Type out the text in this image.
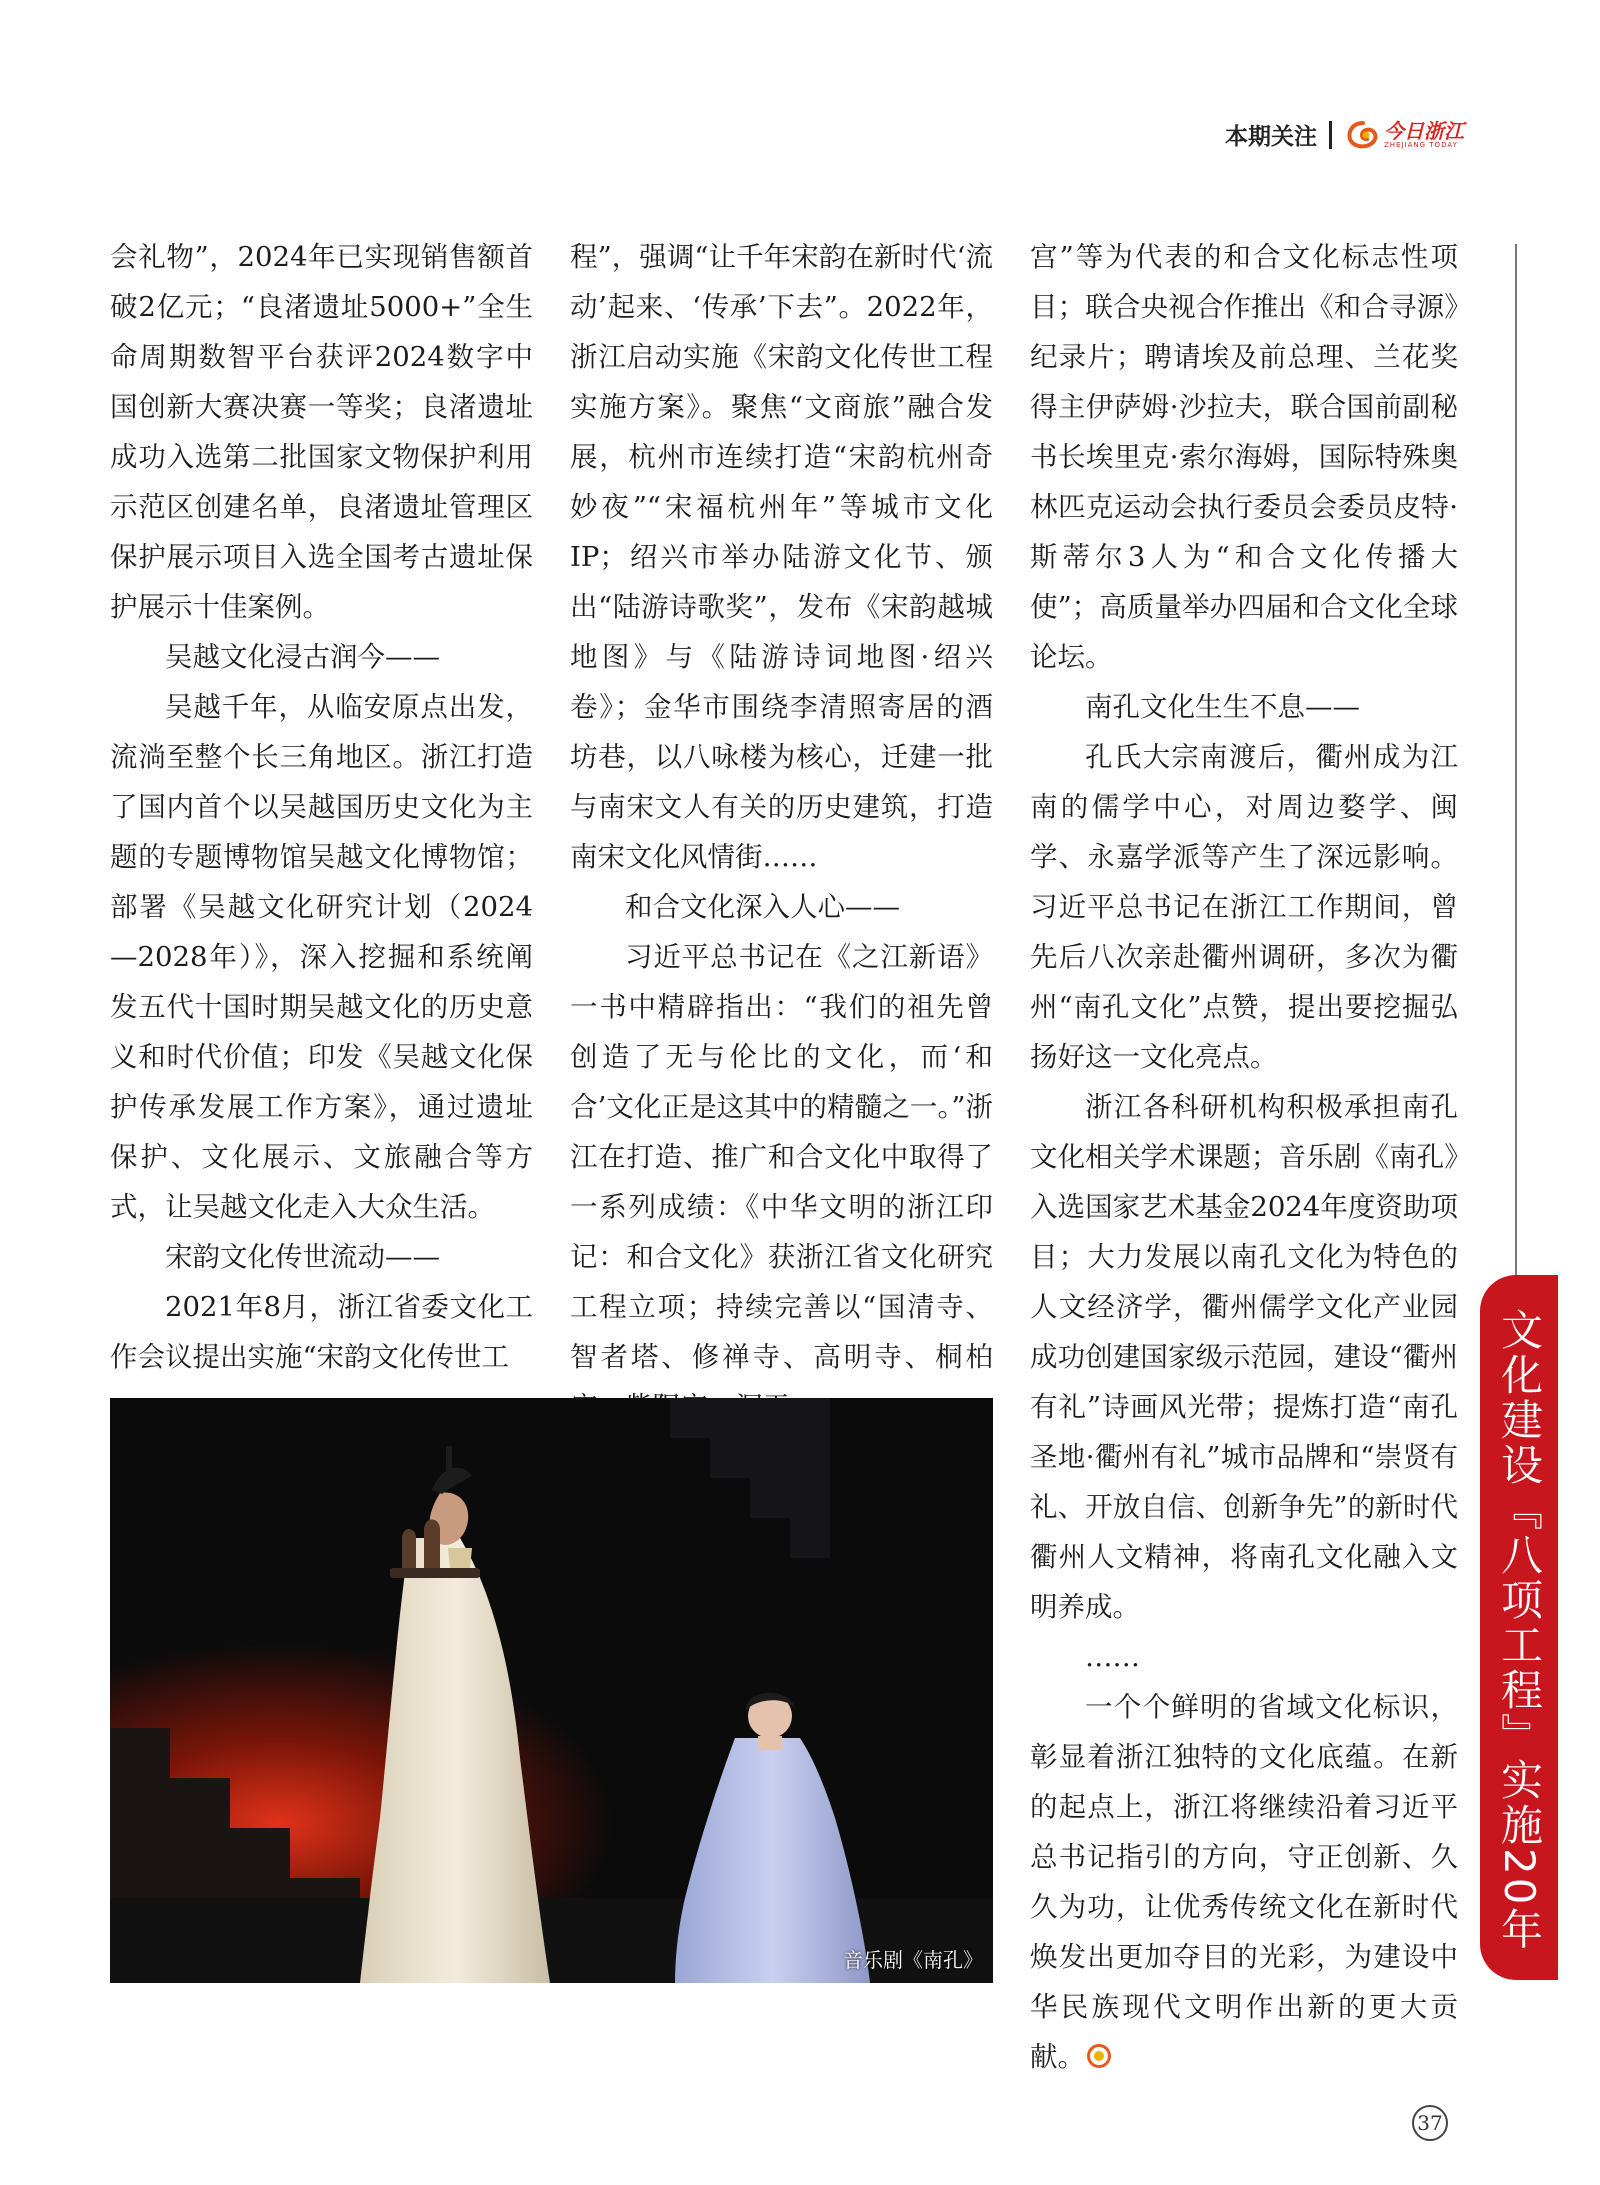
本期关注	今日浙江
ZHEJIANG TODAY

会礼物”，2024年已实现销售额首破2亿元；“良渚遗址5000+”全生命周期数智平台获评2024数字中国创新大赛决赛一等奖；良渚遗址成功入选第二批国家文物保护利用示范区创建名单，良渚遗址管理区保护展示项目入选全国考古遗址保护展示十佳案例。

吴越文化浸古润今——

吴越千年，从临安原点出发，流淌至整个长三角地区。浙江打造了国内首个以吴越国历史文化为主题的专题博物馆吴越文化博物馆；部署《吴越文化研究计划（2024—2028年）》，深入挖掘和系统阐发五代十国时期吴越文化的历史意义和时代价值；印发《吴越文化保护传承发展工作方案》，通过遗址保护、文化展示、文旅融合等方式，让吴越文化走入大众生活。

宋韵文化传世流动——

2021年8月，浙江省委文化工作会议提出实施“宋韵文化传世工

程”，强调“让千年宋韵在新时代‘流动’起来、‘传承’下去”。2022年，浙江启动实施《宋韵文化传世工程实施方案》。聚焦“文商旅”融合发展，杭州市连续打造“宋韵杭州奇妙夜”“宋福杭州年”等城市文化IP；绍兴市举办陆游文化节、颁出“陆游诗歌奖”，发布《宋韵越城地图》与《陆游诗词地图·绍兴卷》；金华市围绕李清照寄居的酒坊巷，以八咏楼为核心，迁建一批与南宋文人有关的历史建筑，打造南宋文化风情街……

和合文化深入人心——

习近平总书记在《之江新语》一书中精辟指出：“我们的祖先曾创造了无与伦比的文化，而‘和合’文化正是这其中的精髓之一。”浙江在打造、推广和合文化中取得了一系列成绩：《中华文明的浙江印记：和合文化》获浙江省文化研究工程立项；持续完善以“国清寺、智者塔、修禅寺、高明寺、桐柏

宫”等为代表的和合文化标志性项目；联合央视合作推出《和合寻源》纪录片；聘请埃及前总理、兰花奖得主伊萨姆·沙拉夫，联合国前副秘书长埃里克·索尔海姆，国际特殊奥林匹克运动会执行委员会委员皮特·斯蒂尔3人为“和合文化传播大使”；高质量举办四届和合文化全球论坛。

南孔文化生生不息——

孔氏大宗南渡后，衢州成为江南的儒学中心，对周边婺学、闽学、永嘉学派等产生了深远影响。习近平总书记在浙江工作期间，曾先后八次亲赴衢州调研，多次为衢州“南孔文化”点赞，提出要挖掘弘扬好这一文化亮点。

浙江各科研机构积极承担南孔文化相关学术课题；音乐剧《南孔》入选国家艺术基金2024年度资助项目；大力发展以南孔文化为特色的人文经济学，衢州儒学文化产业园成功创建国家级示范园，建设“衢州有礼”诗画风光带；提炼打造“南孔圣地·衢州有礼”城市品牌和“崇贤有礼、开放自信、创新争先”的新时代衢州人文精神，将南孔文化融入文明养成。

……

一个个鲜明的省域文化标识，彰显着浙江独特的文化底蕴。在新的起点上，浙江将继续沿着习近平总书记指引的方向，守正创新、久久为功，让优秀传统文化在新时代焕发出更加夺目的光彩，为建设中华民族现代文明作出新的更大贡献。

文化建设『八项工程』实施20年
音乐剧《南孔》
37
